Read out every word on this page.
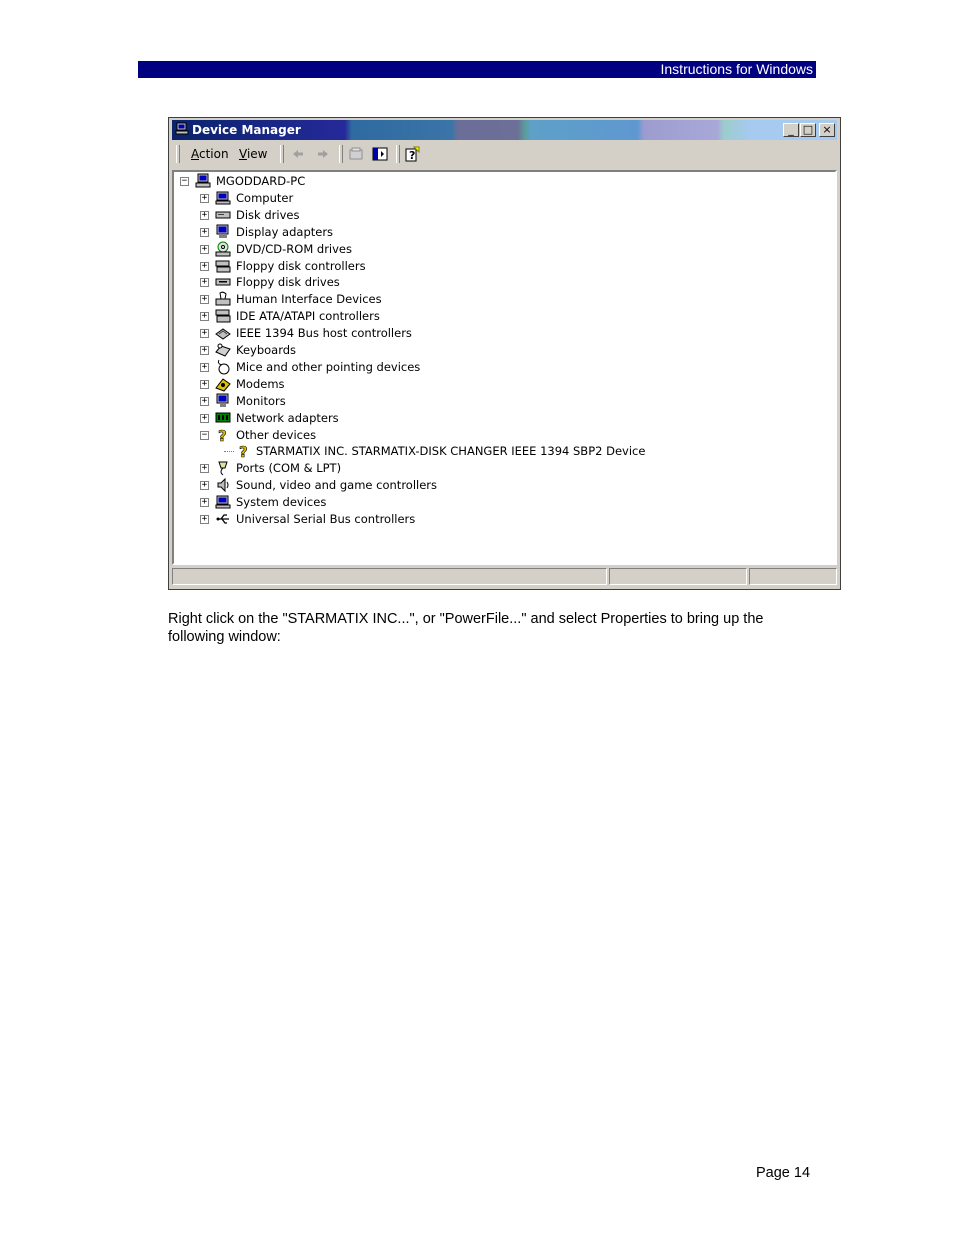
Instructions for Windows
Device Manager	_ □ ×
Action View	?
−	MGODDARD-PC
+	Computer
+	Disk drives
+	Display adapters
+	DVD/CD-ROM drives
+	Floppy disk controllers
+	Floppy disk drives
+	Human Interface Devices
+	IDE ATA/ATAPI controllers
+	IEEE 1394 Bus host controllers
+	Keyboards
+	Mice and other pointing devices
+	Modems
+	Monitors
+	Network adapters
− ? Other devices
? STARMATIX INC. STARMATIX-DISK CHANGER IEEE 1394 SBP2 Device
+	Ports (COM & LPT)
+	Sound, video and game controllers
+	System devices
+	Universal Serial Bus controllers
Right click on the "STARMATIX INC...", or "PowerFile..." and select Properties to bring up the following window:
Page 14
